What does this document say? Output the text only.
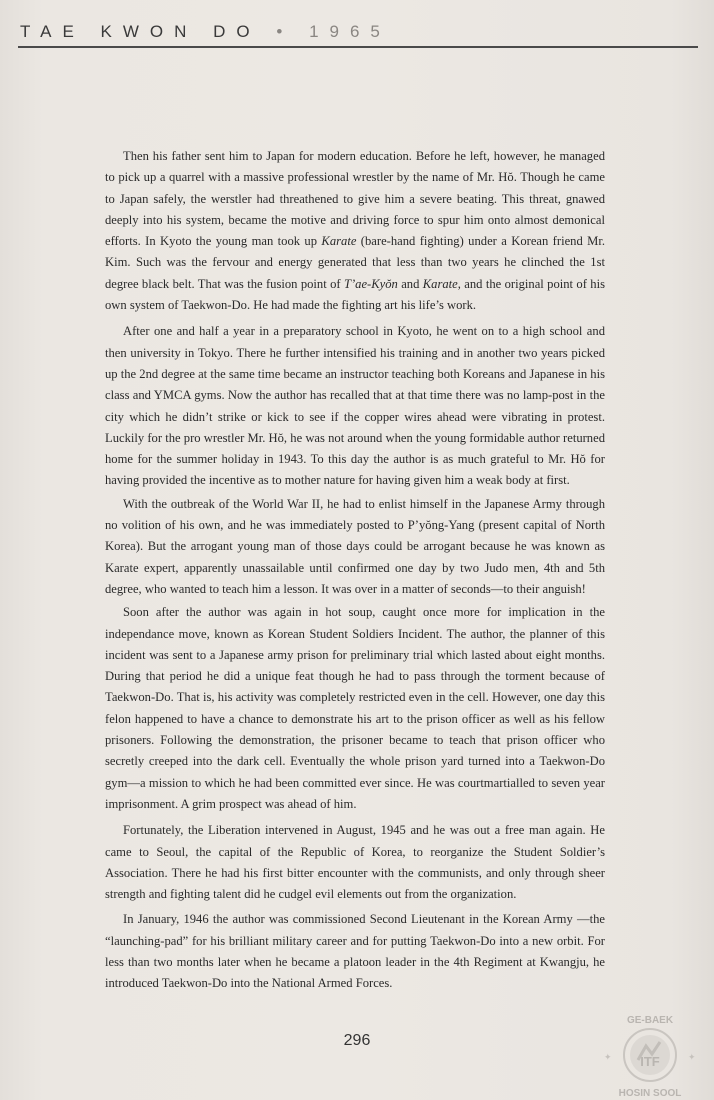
TAE KWON DO • 1965

Then his father sent him to Japan for modern education. Before he left, however, he managed to pick up a quarrel with a massive professional wrestler by the name of Mr. Hŏ. Though he came to Japan safely, the werstler had threathened to give him a severe beating. This threat, gnawed deeply into his system, became the motive and driving force to spur him onto almost demonical efforts. In Kyoto the young man took up Karate (bare-hand fighting) under a Korean friend Mr. Kim. Such was the fervour and energy generated that less than two years he clinched the 1st degree black belt. That was the fusion point of T’ae-Kyŏn and Karate, and the original point of his own system of Taekwon-Do. He had made the fighting art his life’s work.

After one and half a year in a preparatory school in Kyoto, he went on to a high school and then university in Tokyo. There he further intensified his training and in another two years picked up the 2nd degree at the same time became an instructor teaching both Koreans and Japanese in his class and YMCA gyms. Now the author has recalled that at that time there was no lamp-post in the city which he didn’t strike or kick to see if the copper wires ahead were vibrating in protest. Luckily for the pro wrestler Mr. Hŏ, he was not around when the young formidable author returned home for the summer holiday in 1943. To this day the author is as much grateful to Mr. Hŏ for having provided the incentive as to mother nature for having given him a weak body at first.

With the outbreak of the World War II, he had to enlist himself in the Japanese Army through no volition of his own, and he was immediately posted to P’yŏng-Yang (present capital of North Korea). But the arrogant young man of those days could be arrogant because he was known as Karate expert, apparently unassailable until confirmed one day by two Judo men, 4th and 5th degree, who wanted to teach him a lesson. It was over in a matter of seconds—to their anguish!

Soon after the author was again in hot soup, caught once more for implication in the independance move, known as Korean Student Soldiers Incident. The author, the planner of this incident was sent to a Japanese army prison for preliminary trial which lasted about eight months. During that period he did a unique feat though he had to pass through the torment because of Taekwon-Do. That is, his activity was completely restricted even in the cell. However, one day this felon happened to have a chance to demonstrate his art to the prison officer as well as his fellow prisoners. Following the demonstration, the prisoner became to teach that prison officer who secretly creeped into the dark cell. Eventually the whole prison yard turned into a Taekwon-Do gym—a mission to which he had been committed ever since. He was courtmartialled to seven year imprisonment. A grim prospect was ahead of him.

Fortunately, the Liberation intervened in August, 1945 and he was out a free man again. He came to Seoul, the capital of the Republic of Korea, to reorganize the Student Soldier’s Association. There he had his first bitter encounter with the communists, and only through sheer strength and fighting talent did he cudgel evil elements out from the organization.

In January, 1946 the author was commissioned Second Lieutenant in the Korean Army —the “launching-pad” for his brilliant military career and for putting Taekwon-Do into a new orbit. For less than two months later when he became a platoon leader in the 4th Regiment at Kwangju, he introduced Taekwon-Do into the National Armed Forces.

296
GE-BAEK
ITF
✦	✦
HOSIN SOOL
